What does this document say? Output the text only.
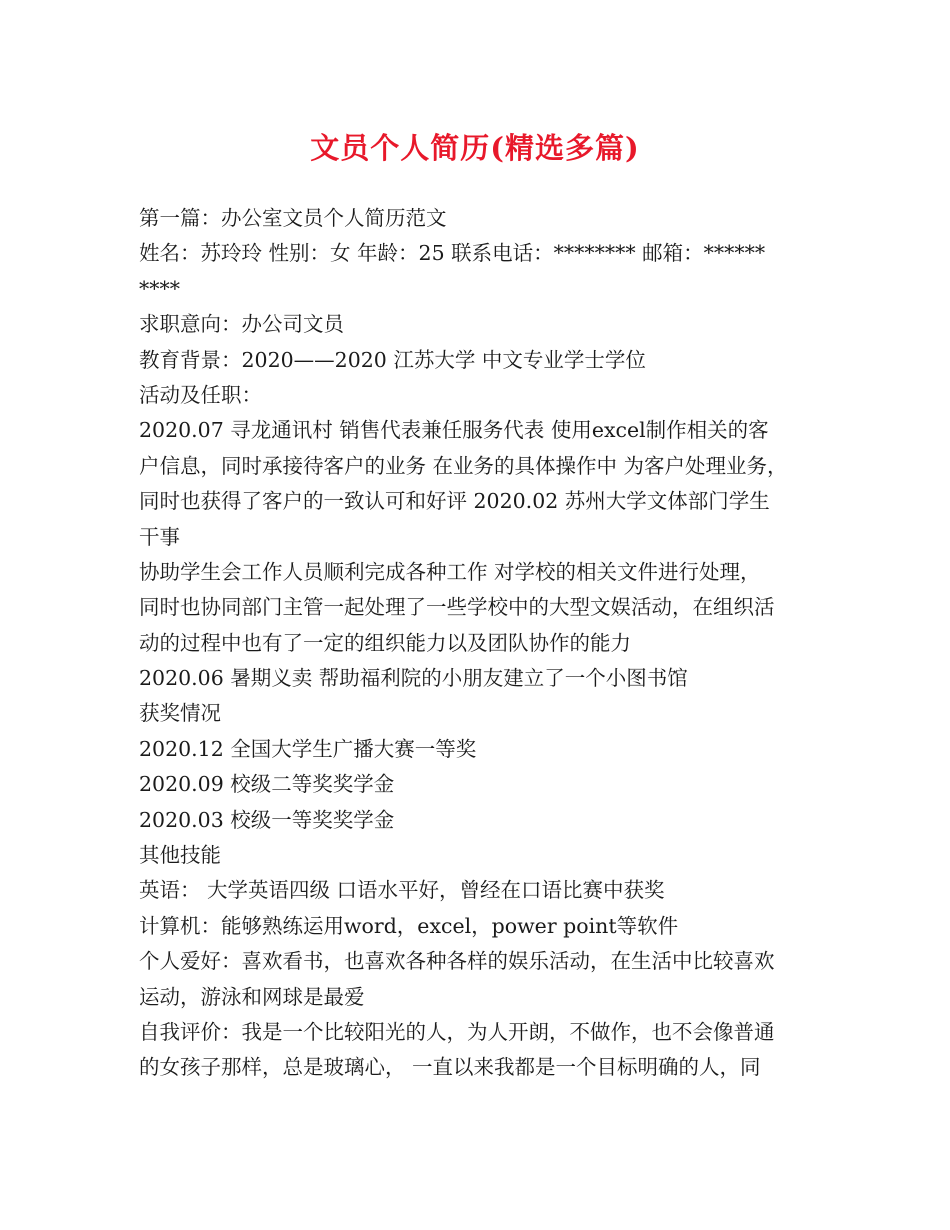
文员个人简历(精选多篇)
第一篇：办公室文员个人简历范文
姓名：苏玲玲 性别：女 年龄：25 联系电话：******** 邮箱：******
****
求职意向：办公司文员
教育背景：2020——2020 江苏大学 中文专业学士学位
活动及任职：
2020.07 寻龙通讯村 销售代表兼任服务代表 使用excel制作相关的客
户信息，同时承接待客户的业务 在业务的具体操作中 为客户处理业务，
同时也获得了客户的一致认可和好评 2020.02 苏州大学文体部门学生
干事
协助学生会工作人员顺利完成各种工作 对学校的相关文件进行处理，
同时也协同部门主管一起处理了一些学校中的大型文娱活动，在组织活
动的过程中也有了一定的组织能力以及团队协作的能力
2020.06 暑期义卖 帮助福利院的小朋友建立了一个小图书馆
获奖情况
2020.12 全国大学生广播大赛一等奖
2020.09 校级二等奖奖学金
2020.03 校级一等奖奖学金
其他技能
英语： 大学英语四级 口语水平好，曾经在口语比赛中获奖
计算机：能够熟练运用word，excel，power point等软件
个人爱好：喜欢看书，也喜欢各种各样的娱乐活动，在生活中比较喜欢
运动，游泳和网球是最爱
自我评价：我是一个比较阳光的人，为人开朗，不做作，也不会像普通
的女孩子那样，总是玻璃心， 一直以来我都是一个目标明确的人，同
